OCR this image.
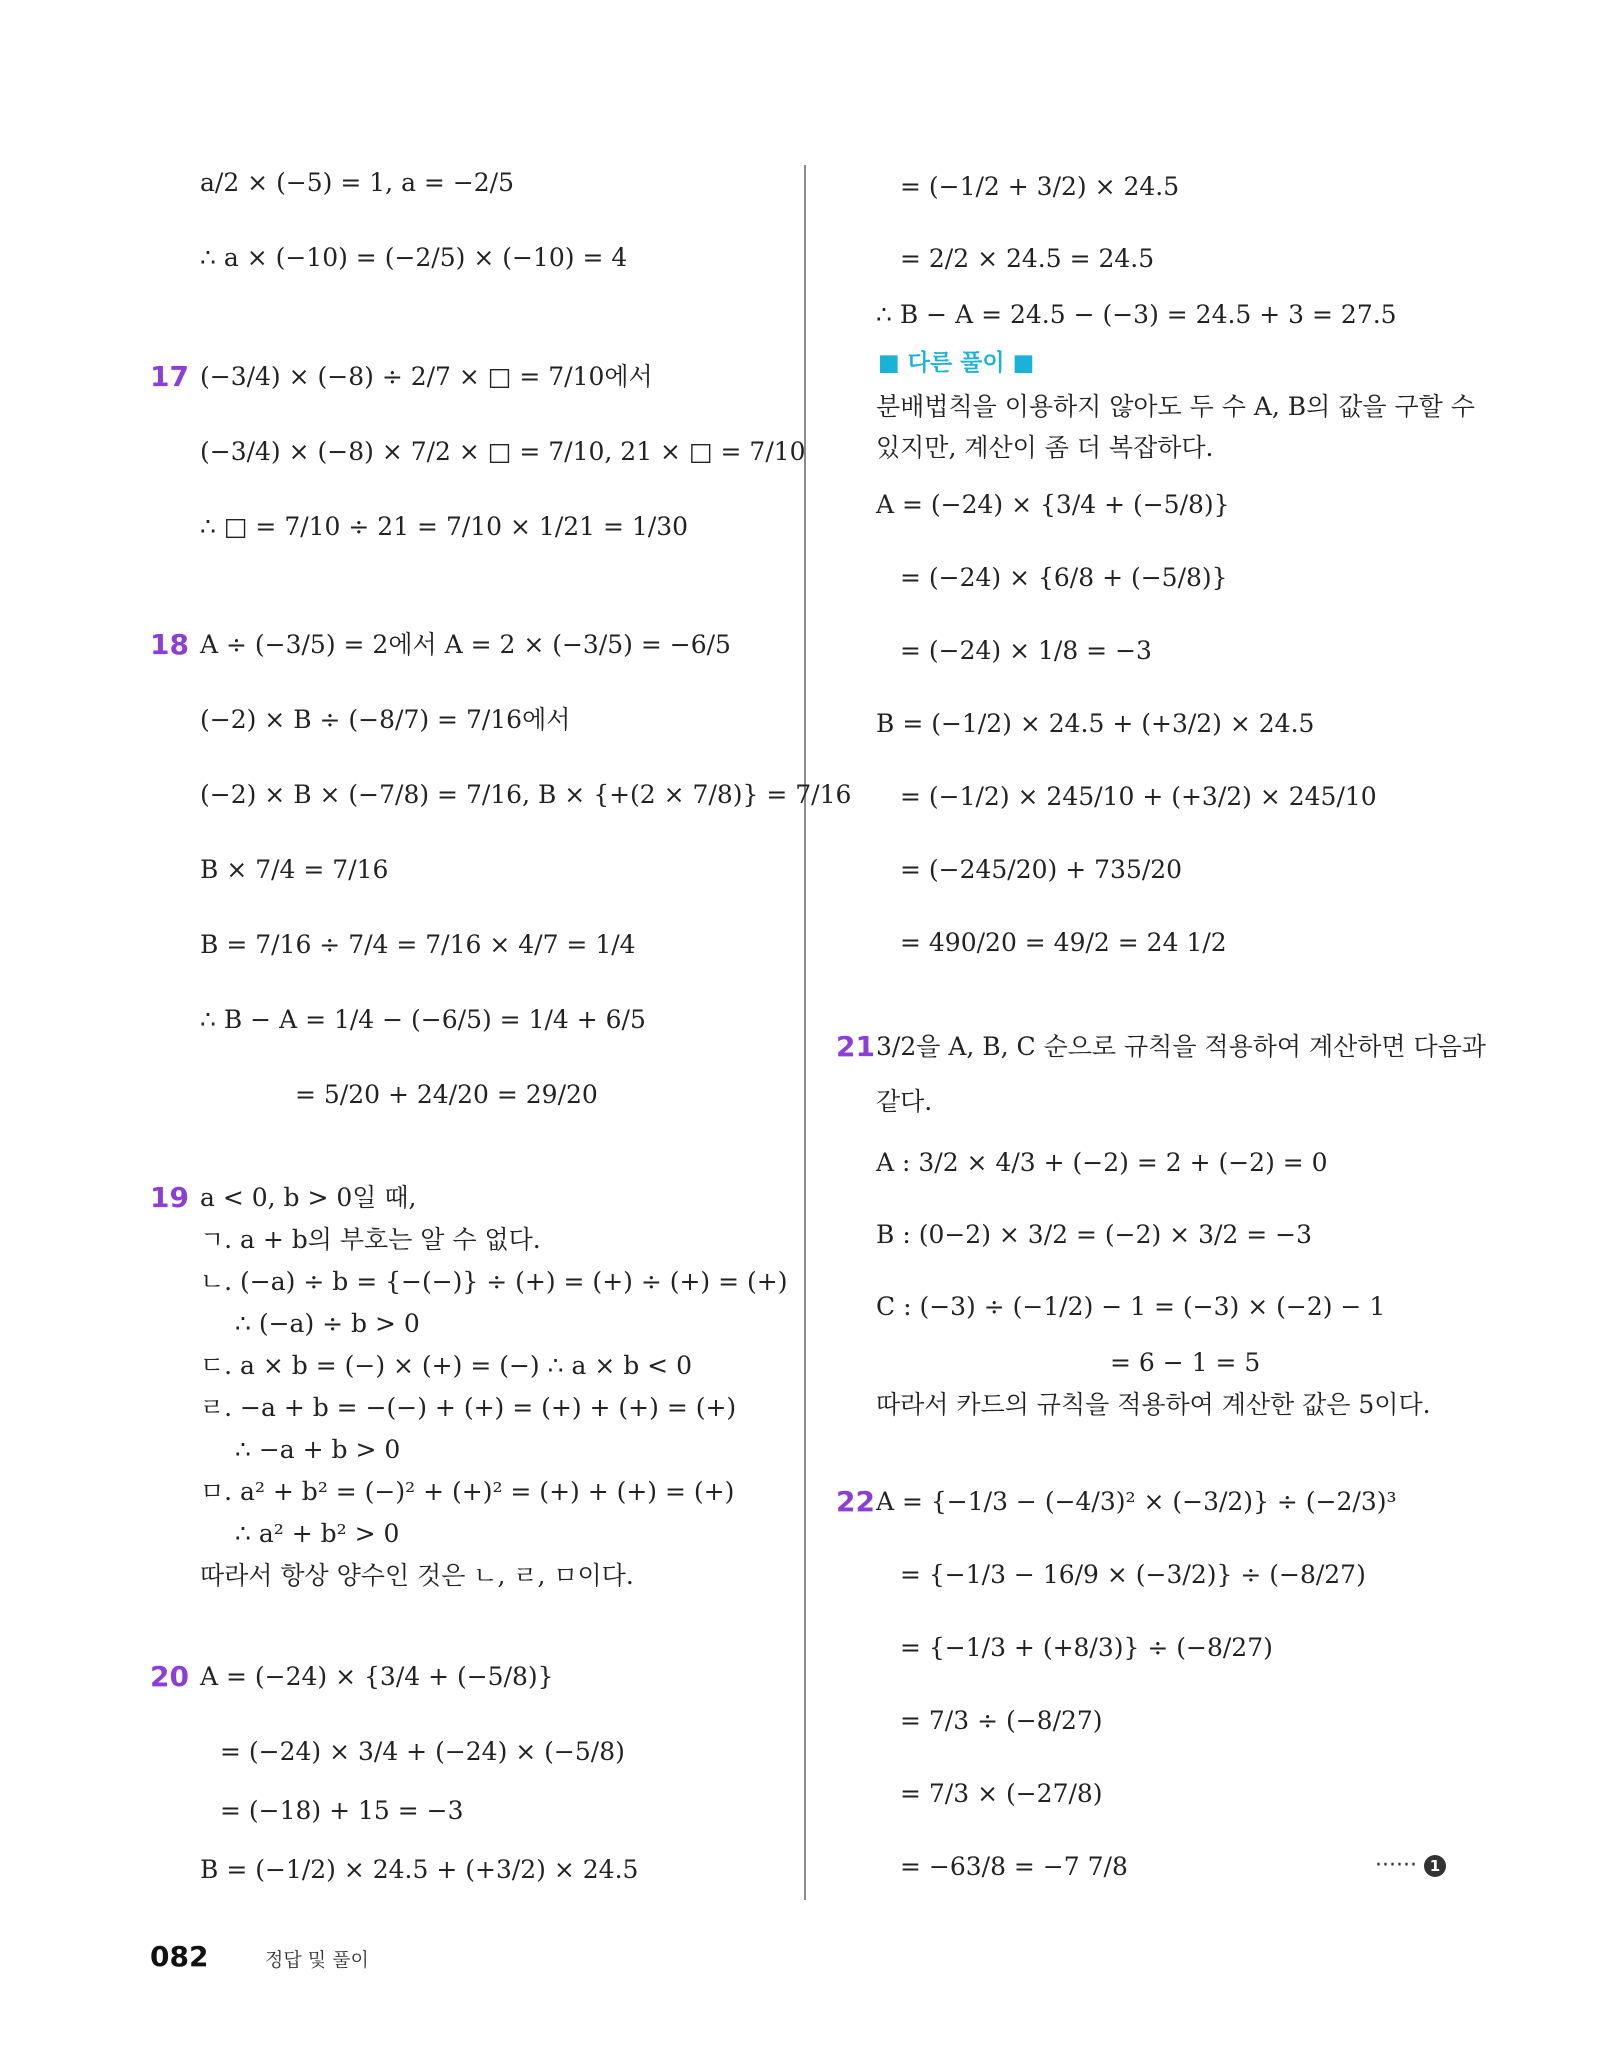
a/2 × (−5) = 1, a = −2/5
∴ a × (−10) = (−2/5) × (−10) = 4
17 (−3/4) × (−8) ÷ 2/7 × □ = 7/10에서
(−3/4) × (−8) × 7/2 × □ = 7/10, 21 × □ = 7/10
∴ □ = 7/10 ÷ 21 = 7/10 × 1/21 = 1/30
18 A ÷ (−3/5) = 2에서 A = 2 × (−3/5) = −6/5
(−2) × B ÷ (−8/7) = 7/16에서
(−2) × B × (−7/8) = 7/16, B × {+(2 × 7/8)} = 7/16
B × 7/4 = 7/16
B = 7/16 ÷ 7/4 = 7/16 × 4/7 = 1/4
∴ B − A = 1/4 − (−6/5) = 1/4 + 6/5
= 5/20 + 24/20 = 29/20
19 a < 0, b > 0일 때,
ㄱ. a + b의 부호는 알 수 없다.
ㄴ. (−a) ÷ b = {−(−)} ÷ (+) = (+) ÷ (+) = (+)
∴ (−a) ÷ b > 0
ㄷ. a × b = (−) × (+) = (−) ∴ a × b < 0
ㄹ. −a + b = −(−) + (+) = (+) + (+) = (+)
∴ −a + b > 0
ㅁ. a² + b² = (−)² + (+)² = (+) + (+) = (+)
∴ a² + b² > 0
따라서 항상 양수인 것은 ㄴ, ㄹ, ㅁ이다.
20 A = (−24) × {3/4 + (−5/8)}
= (−24) × 3/4 + (−24) × (−5/8)
= (−18) + 15 = −3
B = (−1/2) × 24.5 + (+3/2) × 24.5
= (−1/2 + 3/2) × 24.5
= 2/2 × 24.5 = 24.5
∴ B − A = 24.5 − (−3) = 24.5 + 3 = 27.5
■ 다른 풀이 ■
분배법칙을 이용하지 않아도 두 수 A, B의 값을 구할 수
있지만, 계산이 좀 더 복잡하다.
A = (−24) × {3/4 + (−5/8)}
= (−24) × {6/8 + (−5/8)}
= (−24) × 1/8 = −3
B = (−1/2) × 24.5 + (+3/2) × 24.5
= (−1/2) × 245/10 + (+3/2) × 245/10
= (−245/20) + 735/20
= 490/20 = 49/2 = 24 1/2
21 3/2을 A, B, C 순으로 규칙을 적용하여 계산하면 다음과
같다.
A : 3/2 × 4/3 + (−2) = 2 + (−2) = 0
B : (0−2) × 3/2 = (−2) × 3/2 = −3
C : (−3) ÷ (−1/2) − 1 = (−3) × (−2) − 1
= 6 − 1 = 5
따라서 카드의 규칙을 적용하여 계산한 값은 5이다.
22 A = {−1/3 − (−4/3)² × (−3/2)} ÷ (−2/3)³
= {−1/3 − 16/9 × (−3/2)} ÷ (−8/27)
= {−1/3 + (+8/3)} ÷ (−8/27)
= 7/3 ÷ (−8/27)
= 7/3 × (−27/8)
= −63/8 = −7 7/8	······ 1
082	정답 및 풀이
